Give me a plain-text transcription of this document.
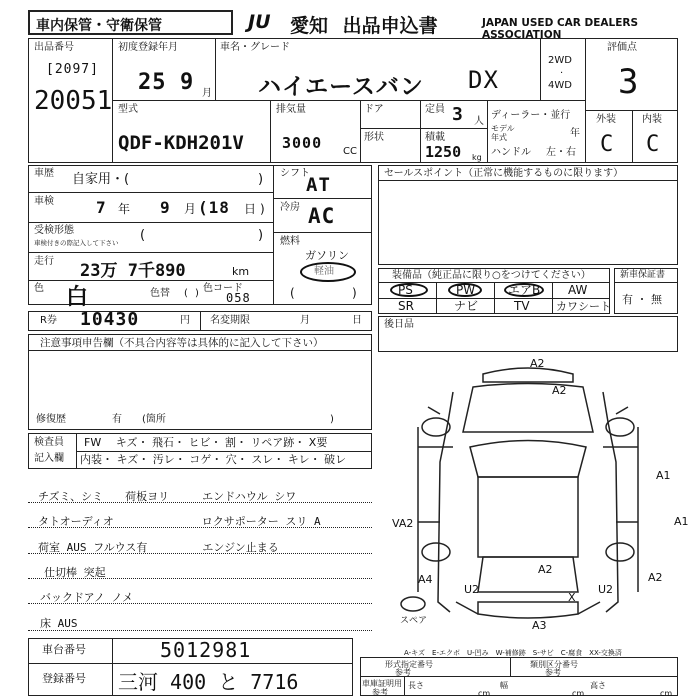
車内保管・守衛保管	JU 愛知 出品申込書	JAPAN USED CAR DEALERS ASSOCIATION
出品番号
[2097]
20051
初度登録年月
25 9 月
車名・グレード
ハイエースバン DX
2WD
·
4WD
評価点
3
外装	内装
C C
型式
QDF-KDH201V
排気量
3000 CC
ドア
形状
定員 3 人
積載
1250 kg
ディーラー・並行
モデル年式	年
ハンドル 左・右
車歴 自家用・(	)
車検	7 年 9 月 (18 日 )
受検形態
車検付きの際記入して下さい (	)
走行 23万 7千890	km
色 白	色替 ( ) 色コード
058
シフト
AT
冷房 AC
燃料
ガソリン
軽油
(	)
セールスポイント（正常に機能するものに限ります）
装備品（純正品に限り○をつけてください）
PS	PW	エアB AW
SR	ナビ	TV カワシート
新車保証書
有 ・ 無
R券 10430	円 名変期限	月	日 後日品
注意事項申告欄（不具合内容等は具体的に記入して下さい）
修復歴	有 (箇所	)
検査員
記入欄
FW　 キズ・ 飛石・ ヒビ・ 割・ リペア跡・ X要
内装・ キズ・ 汚レ・ コゲ・ 穴・ スレ・ キレ・ 破レ
チズミ、シミ　　荷板ヨリ　　　エンドハウル シワ
タトオーディオ　　　　　　　　ロクサポーター スリ A
荷室 AUS フルウス有　　　　　エンジン止まる
仕切棒 突起
バックドアノ ノメ
床 AUS
車台番号	5012981
登録番号 三河 400 と 7716
A2
A2
A1
A1
VA2
A4
U2	U2
A2
X
A2
A3
スペア
A-キズ　E-エクボ　U-凹み　W-補修跡　S-サビ　C-腐食　XX-交換済
形式指定番号
参考
類別区分番号
参考
車庫証明用
参考
長さ
cm
幅
cm
高さ
cm
